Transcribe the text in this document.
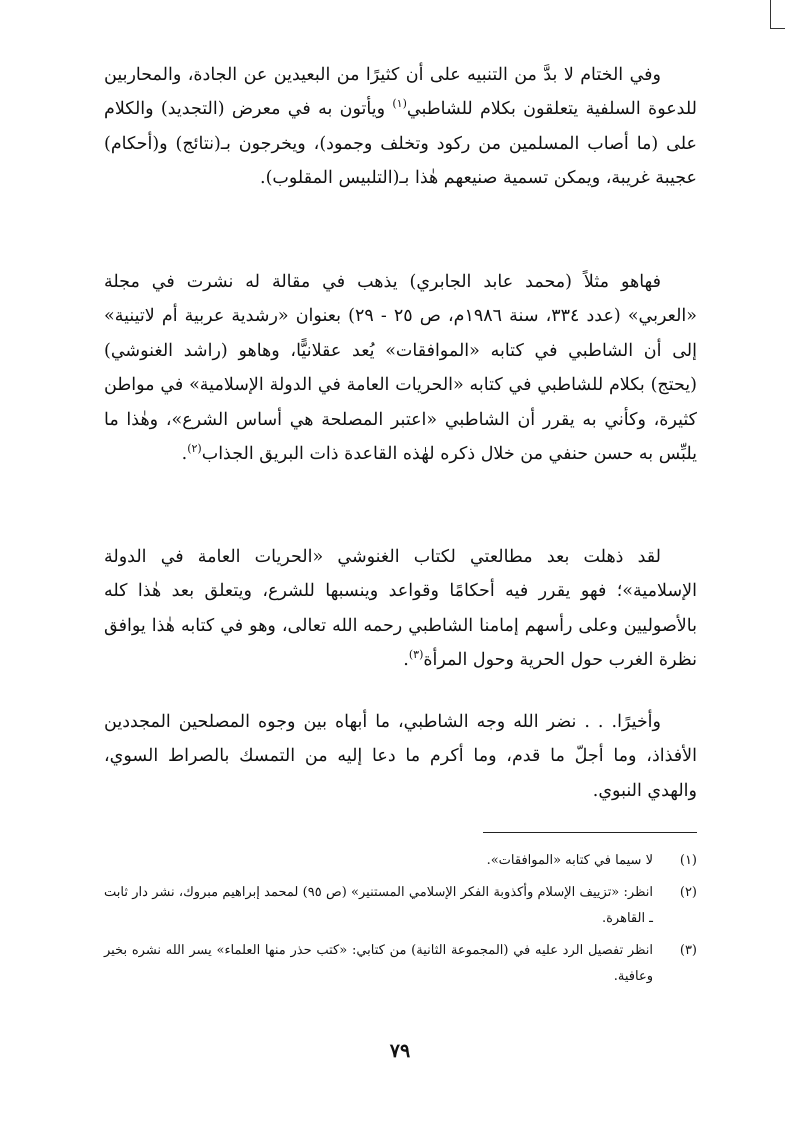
وفي الختام لا بدَّ من التنبيه على أن كثيرًا من البعيدين عن الجادة، والمحاربين للدعوة السلفية يتعلقون بكلام للشاطبي$^{(١)}$ ويأتون به في معرض (التجديد) والكلام على (ما أصاب المسلمين من ركود وتخلف وجمود)، ويخرجون بـ(نتائج) و(أحكام) عجيبة غريبة، ويمكن تسمية صنيعهم هٰذا بـ(التلبيس المقلوب).

فهاهو مثلاً (محمد عابد الجابري) يذهب في مقالة له نشرت في مجلة «العربي» (عدد ٣٣٤، سنة ١٩٨٦م، ص ٢٥ - ٢٩) بعنوان «رشدية عربية أم لاتينية» إلى أن الشاطبي في كتابه «الموافقات» يُعد عقلانيًّا، وهاهو (راشد الغنوشي) (يحتج) بكلام للشاطبي في كتابه «الحريات العامة في الدولة الإسلامية» في مواطن كثيرة، وكأني به يقرر أن الشاطبي «اعتبر المصلحة هي أساس الشرع»، وهٰذا ما يلبِّس به حسن حنفي من خلال ذكره لهٰذه القاعدة ذات البريق الجذاب$^{(٢)}$.

لقد ذهلت بعد مطالعتي لكتاب الغنوشي «الحريات العامة في الدولة الإسلامية»؛ فهو يقرر فيه أحكامًا وقواعد وينسبها للشرع، ويتعلق بعد هٰذا كله بالأصوليين وعلى رأسهم إمامنا الشاطبي رحمه الله تعالى، وهو في كتابه هٰذا يوافق نظرة الغرب حول الحرية وحول المرأة$^{(٣)}$.

وأخيرًا. . . نضر الله وجه الشاطبي، ما أبهاه بين وجوه المصلحين المجددين الأفذاذ، وما أجلّ ما قدم، وما أكرم ما دعا إليه من التمسك بالصراط السوي، والهدي النبوي.

(١)
لا سيما في كتابه «الموافقات».
(٢)
انظر: «تزييف الإسلام وأكذوبة الفكر الإسلامي المستنير» (ص ٩٥) لمحمد إبراهيم مبروك، نشر دار ثابت ـ القاهرة.
(٣)
انظر تفصيل الرد عليه في (المجموعة الثانية) من كتابي: «كتب حذر منها العلماء» يسر الله نشره بخير وعافية.
٧٩
